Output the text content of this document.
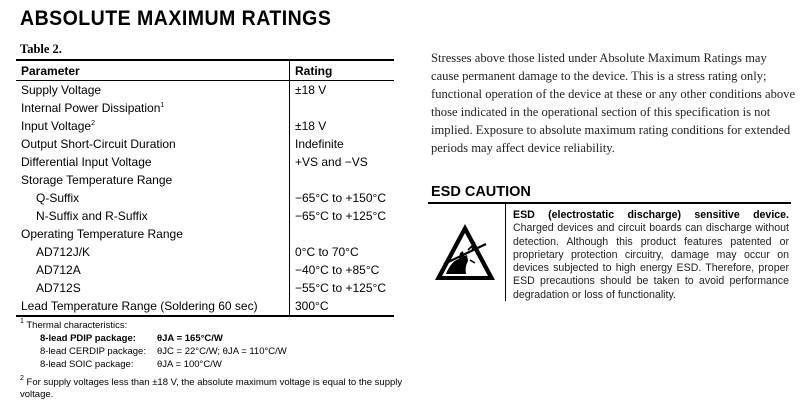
ABSOLUTE MAXIMUM RATINGS
Table 2.
Parameter	Rating
Supply Voltage	±18 V
Internal Power Dissipation$^1$	
Input Voltage$^2$	±18 V
Output Short-Circuit Duration	Indefinite
Differential Input Voltage	+VS and −VS
Storage Temperature Range	
Q-Suffix	−65°C to +150°C
N-Suffix and R-Suffix	−65°C to +125°C
Operating Temperature Range	
AD712J/K	0°C to 70°C
AD712A	−40°C to +85°C
AD712S	−55°C to +125°C
Lead Temperature Range (Soldering 60 sec)	300°C
$^1$ Thermal characteristics:
8-lead PDIP package:	θJA = 165°C/W
8-lead CERDIP package:	θJC = 22°C/W; θJA = 110°C/W
8-lead SOIC package:	θJA = 100°C/W
$^2$ For supply voltages less than ±18 V, the absolute maximum voltage is equal to the supply voltage.
Stresses above those listed under Absolute Maximum Ratings may cause permanent damage to the device. This is a stress rating only; functional operation of the device at these or any other conditions above those indicated in the operational section of this specification is not implied. Exposure to absolute maximum rating conditions for extended periods may affect device reliability.
ESD CAUTION
ESD (electrostatic discharge) sensitive device. Charged devices and circuit boards can discharge without detection. Although this product features patented or proprietary protection circuitry, damage may occur on devices subjected to high energy ESD. Therefore, proper ESD precautions should be taken to avoid performance degradation or loss of functionality.
